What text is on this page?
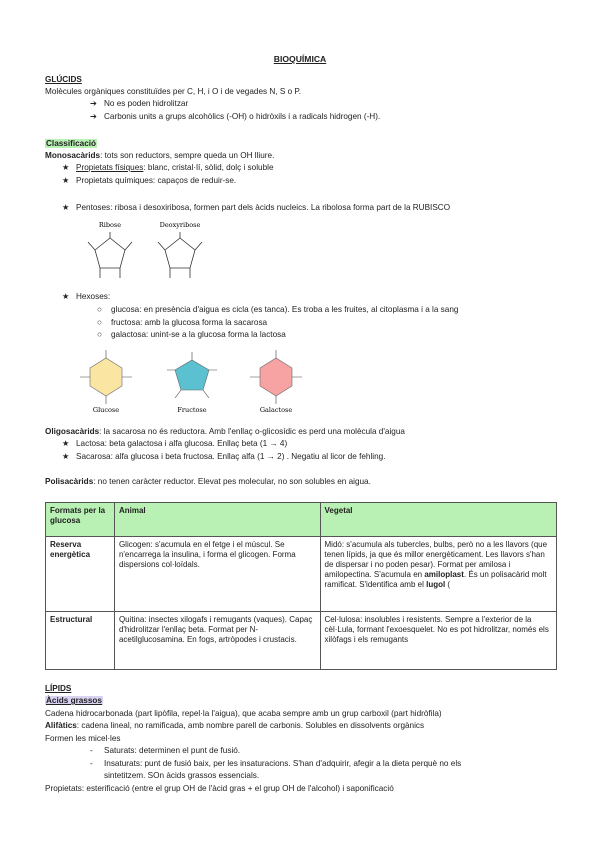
BIOQUÍMICA
GLÚCIDS
Molècules orgàniques constituïdes per C, H, i O i de vegades N, S o P.
➔ No es poden hidrolitzar
➔ Carbonis units a grups alcohòlics (-OH) o hidròxils i a radicals hidrogen (-H).
Classificació
Monosacàrids: tots son reductors, sempre queda un OH lliure.
★ Propietats físiques: blanc, cristal·lí, sòlid, dolç i soluble
★ Propietats químiques: capaços de reduir-se.
★ Pentoses: ribosa i desoxiribosa, formen part dels àcids nucleics. La ribolosa forma part de la RUBISCO
Ribose	Deoxyribose
★ Hexoses:
○ glucosa: en presència d'aigua es cicla (es tanca). Es troba a les fruites, al citoplasma i a la sang
○ fructosa: amb la glucosa forma la sacarosa
○ galactosa: unint-se a la glucosa forma la lactosa
Glucose	Fructose	Galactose
Oligosacàrids: la sacarosa no és reductora. Amb l'enllaç o-glicosídic es perd una molècula d'aigua
★ Lactosa: beta galactosa i alfa glucosa. Enllaç beta (1 → 4)
★ Sacarosa: alfa glucosa i beta fructosa. Enllaç alfa (1 → 2) . Negatiu al licor de fehling.
Polisacàrids: no tenen caràcter reductor. Elevat pes molecular, no son solubles en aigua.
Formats per la glucosa	Animal	Vegetal
Reserva energètica	Glicogen: s'acumula en el fetge i el múscul. Se n'encarrega la insulina, i forma el glicogen. Forma dispersions col·loïdals.	Midó: s'acumula als tubercles, bulbs, però no a les llavors (que tenen lípids, ja que és millor energèticament. Les llavors s'han de dispersar i no poden pesar). Format per amilosa i amilopectina. S'acumula en amiloplast. És un polisacàrid molt ramificat. S'identifica amb el lugol (
Estructural	Quitina: insectes xilogafs i remugants (vaques). Capaç d'hidrolitzar l'enllaç beta. Format per N-acetilglucosamina. En fogs, artròpodes i crustacis.	Cel·lulosa: insolubles i resistents. Sempre a l'exterior de la cèl·Lula, formant l'exoesquelet. No es pot hidrolitzar, només els xilòfags i els remugants
LÍPIDS
Àcids grassos
Cadena hidrocarbonada (part lipòfila, repel·la l'aigua), que acaba sempre amb un grup carboxil (part hidròfila)
Alifàtics: cadena lineal, no ramificada, amb nombre parell de carbonis. Solubles en dissolvents orgànics
Formen les micel·les
- Saturats: determinen el punt de fusió.
- Insaturats: punt de fusió baix, per les insaturacions. S'han d'adquirir, afegir a la dieta perquè no els
sintetitzem. SOn àcids grassos essencials.
Propietats: esterificació (entre el grup OH de l'àcid gras + el grup OH de l'alcohol) i saponificació
